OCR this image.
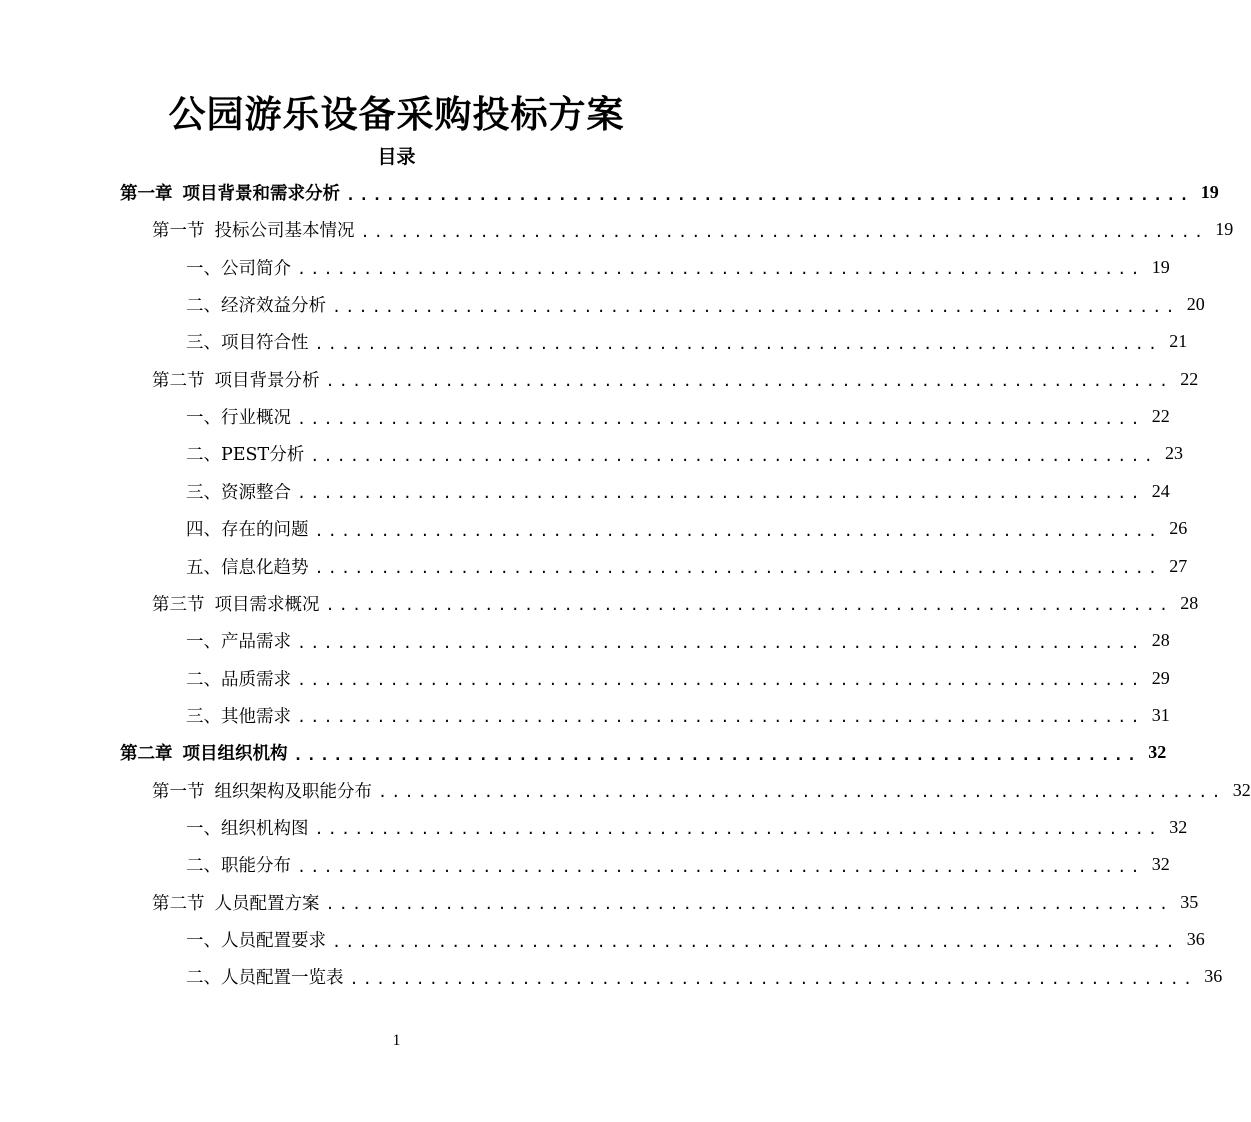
公园游乐设备采购投标方案
目录
第一章 项目背景和需求分析 ................................................................ 19
第一节 投标公司基本情况 ................................................................ 19
一、公司简介 ................................................................ 19
二、经济效益分析 ................................................................ 20
三、项目符合性 ................................................................ 21
第二节 项目背景分析 ................................................................ 22
一、行业概况 ................................................................ 22
二、PEST分析 ................................................................ 23
三、资源整合 ................................................................ 24
四、存在的问题 ................................................................ 26
五、信息化趋势 ................................................................ 27
第三节 项目需求概况 ................................................................ 28
一、产品需求 ................................................................ 28
二、品质需求 ................................................................ 29
三、其他需求 ................................................................ 31
第二章 项目组织机构 ................................................................ 32
第一节 组织架构及职能分布 ................................................................ 32
一、组织机构图 ................................................................ 32
二、职能分布 ................................................................ 32
第二节 人员配置方案 ................................................................ 35
一、人员配置要求 ................................................................ 36
二、人员配置一览表 ................................................................ 36
1
